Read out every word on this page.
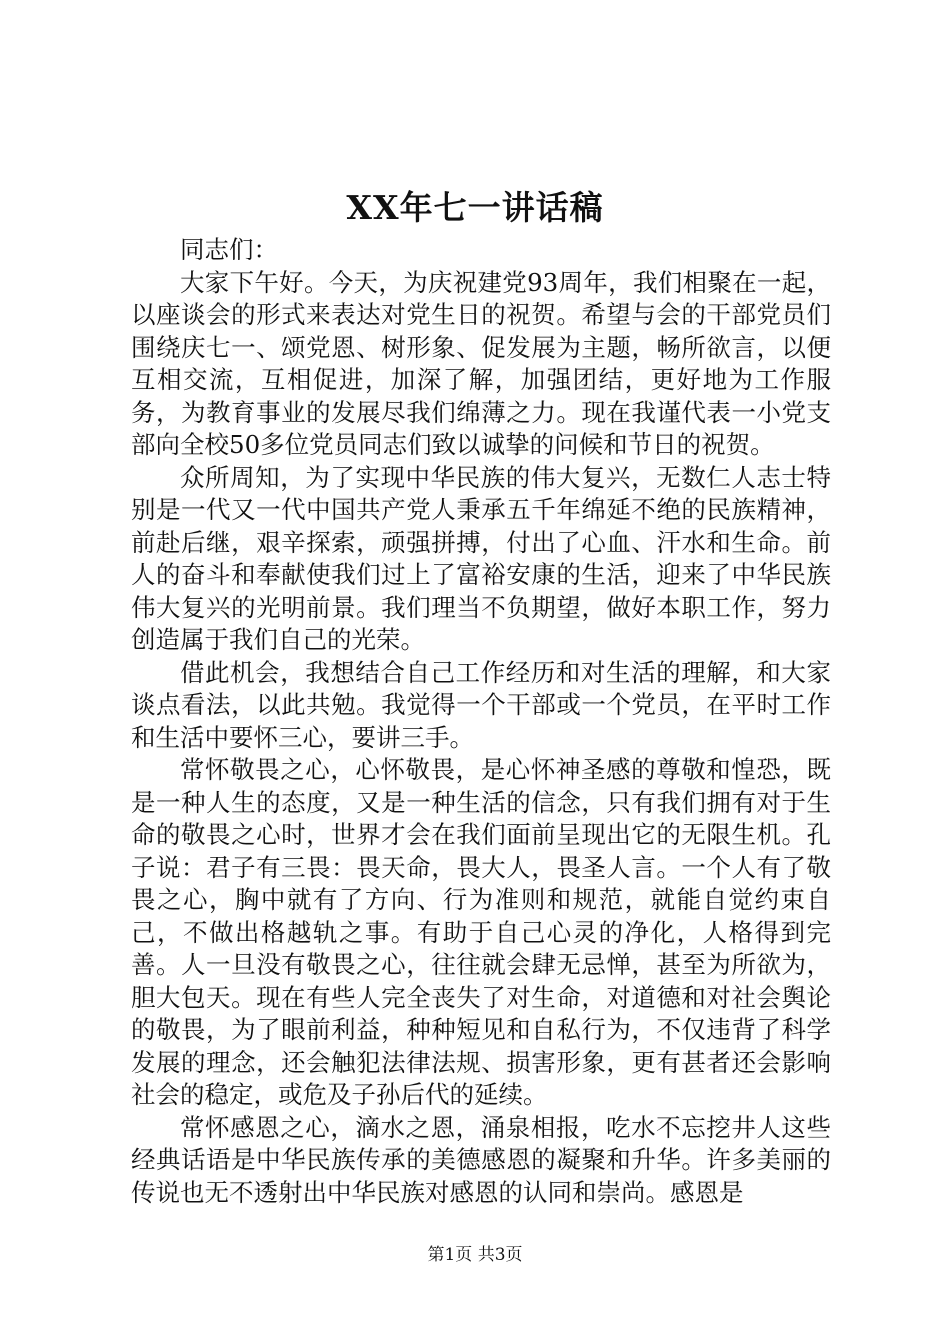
XX年七一讲话稿

同志们：

大家下午好。今天，为庆祝建党93周年，我们相聚在一起，以座谈会的形式来表达对党生日的祝贺。希望与会的干部党员们围绕庆七一、颂党恩、树形象、促发展为主题，畅所欲言，以便互相交流，互相促进，加深了解，加强团结，更好地为工作服务，为教育事业的发展尽我们绵薄之力。现在我谨代表一小党支部向全校50多位党员同志们致以诚挚的问候和节日的祝贺。

众所周知，为了实现中华民族的伟大复兴，无数仁人志士特别是一代又一代中国共产党人秉承五千年绵延不绝的民族精神，前赴后继，艰辛探索，顽强拼搏，付出了心血、汗水和生命。前人的奋斗和奉献使我们过上了富裕安康的生活，迎来了中华民族伟大复兴的光明前景。我们理当不负期望，做好本职工作，努力创造属于我们自己的光荣。

借此机会，我想结合自己工作经历和对生活的理解，和大家谈点看法，以此共勉。我觉得一个干部或一个党员，在平时工作和生活中要怀三心，要讲三手。

常怀敬畏之心，心怀敬畏，是心怀神圣感的尊敬和惶恐，既是一种人生的态度，又是一种生活的信念，只有我们拥有对于生命的敬畏之心时，世界才会在我们面前呈现出它的无限生机。孔子说：君子有三畏：畏天命，畏大人，畏圣人言。一个人有了敬畏之心，胸中就有了方向、行为准则和规范，就能自觉约束自己，不做出格越轨之事。有助于自己心灵的净化，人格得到完善。人一旦没有敬畏之心，往往就会肆无忌惮，甚至为所欲为，胆大包天。现在有些人完全丧失了对生命，对道德和对社会舆论的敬畏，为了眼前利益，种种短见和自私行为，不仅违背了科学发展的理念，还会触犯法律法规、损害形象，更有甚者还会影响社会的稳定，或危及子孙后代的延续。

常怀感恩之心，滴水之恩，涌泉相报，吃水不忘挖井人这些经典话语是中华民族传承的美德感恩的凝聚和升华。许多美丽的传说也无不透射出中华民族对感恩的认同和崇尚。感恩是

第1页 共3页
